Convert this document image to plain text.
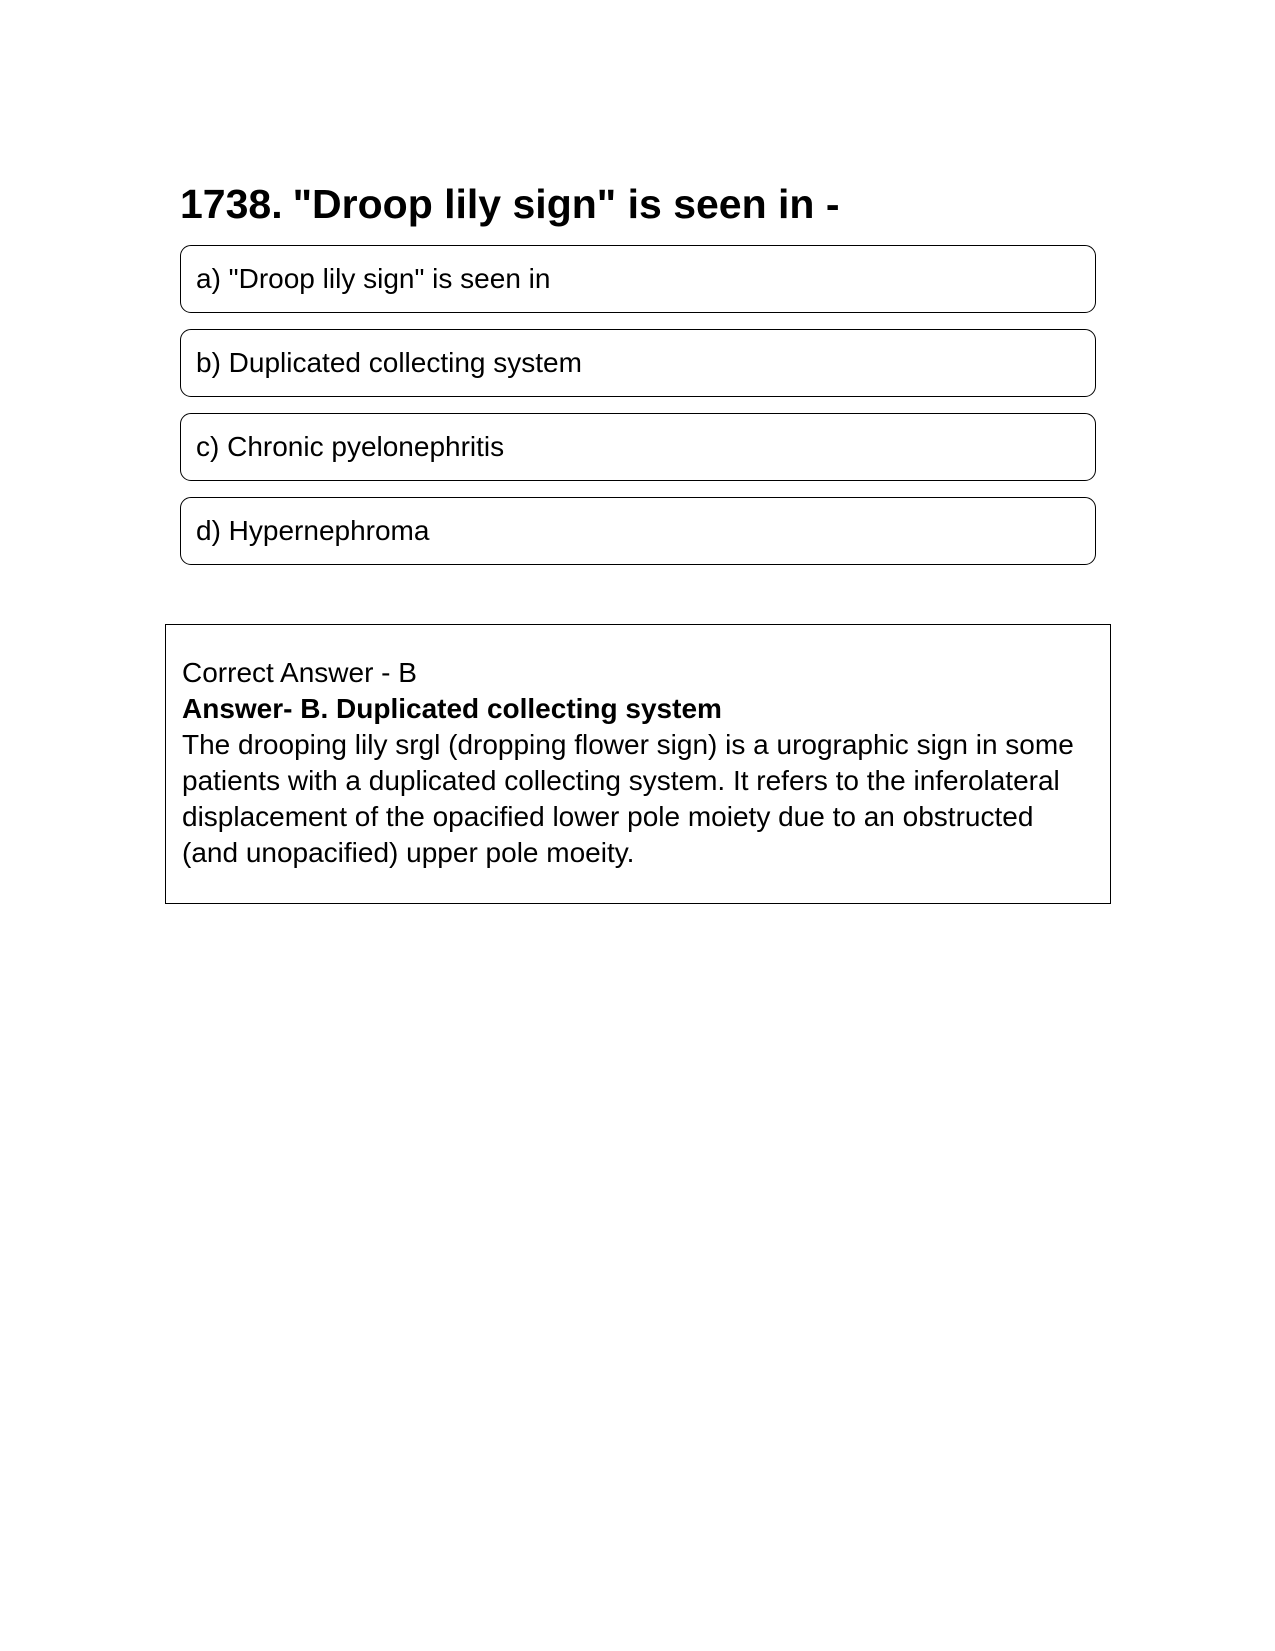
1738. "Droop lily sign" is seen in -
a) "Droop lily sign" is seen in
b) Duplicated collecting system
c) Chronic pyelonephritis
d) Hypernephroma

Correct Answer - B

Answer- B. Duplicated collecting system

The drooping lily srgl (dropping flower sign) is a urographic sign in some patients with a duplicated collecting system. It refers to the inferolateral displacement of the opacified lower pole moiety due to an obstructed (and unopacified) upper pole moeity.
